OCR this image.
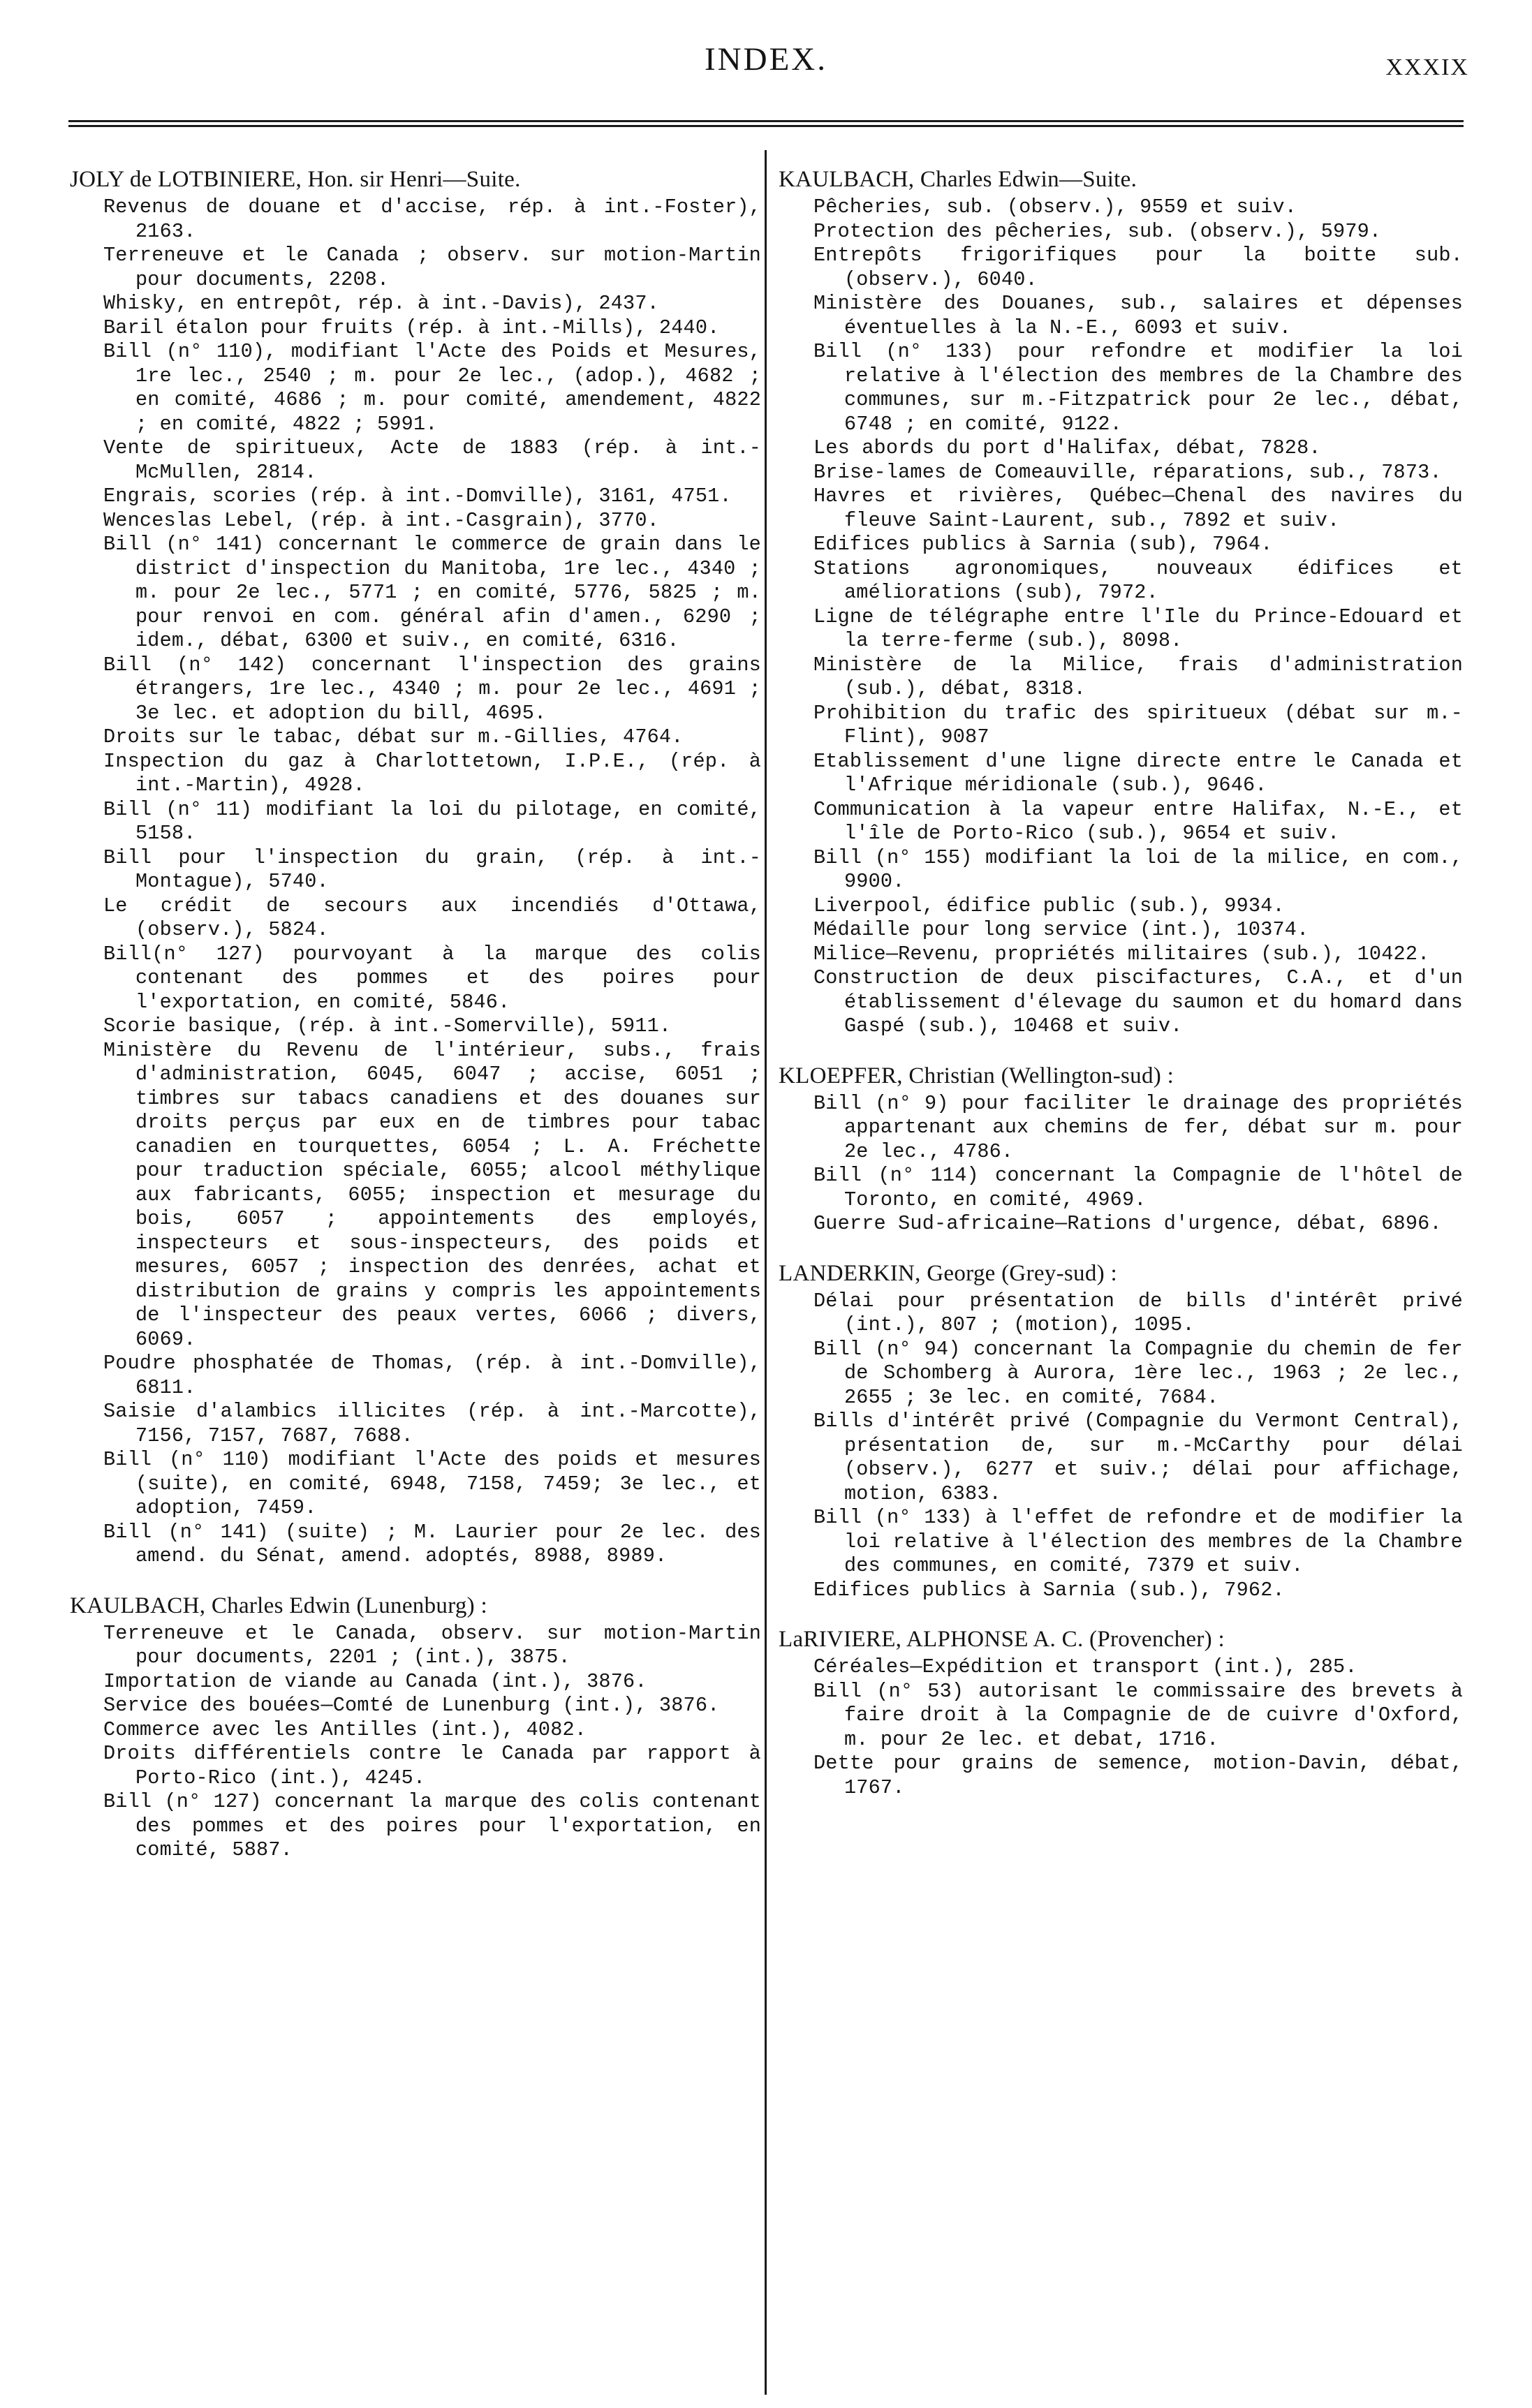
INDEX.	XXXIX
JOLY de LOTBINIERE, Hon. sir Henri—Suite.

Revenus de douane et d'accise, rép. à int.-Foster), 2163.

Terreneuve et le Canada ; observ. sur motion-Martin pour documents, 2208.

Whisky, en entrepôt, rép. à int.-Davis), 2437.

Baril étalon pour fruits (rép. à int.-Mills), 2440.

Bill (n° 110), modifiant l'Acte des Poids et Mesures, 1re lec., 2540 ; m. pour 2e lec., (adop.), 4682 ; en comité, 4686 ; m. pour comité, amendement, 4822 ; en comité, 4822 ; 5991.

Vente de spiritueux, Acte de 1883 (rép. à int.-McMullen, 2814.

Engrais, scories (rép. à int.-Domville), 3161, 4751.

Wenceslas Lebel, (rép. à int.-Casgrain), 3770.

Bill (n° 141) concernant le commerce de grain dans le district d'inspection du Manitoba, 1re lec., 4340 ; m. pour 2e lec., 5771 ; en comité, 5776, 5825 ; m. pour renvoi en com. général afin d'amen., 6290 ; idem., débat, 6300 et suiv., en comité, 6316.

Bill (n° 142) concernant l'inspection des grains étrangers, 1re lec., 4340 ; m. pour 2e lec., 4691 ; 3e lec. et adoption du bill, 4695.

Droits sur le tabac, débat sur m.-Gillies, 4764.

Inspection du gaz à Charlottetown, I.P.E., (rép. à int.-Martin), 4928.

Bill (n° 11) modifiant la loi du pilotage, en comité, 5158.

Bill pour l'inspection du grain, (rép. à int.-Montague), 5740.

Le crédit de secours aux incendiés d'Ottawa, (observ.), 5824.

Bill(n° 127) pourvoyant à la marque des colis contenant des pommes et des poires pour l'exportation, en comité, 5846.

Scorie basique, (rép. à int.-Somerville), 5911.

Ministère du Revenu de l'intérieur, subs., frais d'administration, 6045, 6047 ; accise, 6051 ; timbres sur tabacs canadiens et des douanes sur droits perçus par eux en de timbres pour tabac canadien en tourquettes, 6054 ; L. A. Fréchette pour traduction spéciale, 6055; alcool méthylique aux fabricants, 6055; inspection et mesurage du bois, 6057 ; appointements des employés, inspecteurs et sous-inspecteurs, des poids et mesures, 6057 ; inspection des denrées, achat et distribution de grains y compris les appointements de l'inspecteur des peaux vertes, 6066 ; divers, 6069.

Poudre phosphatée de Thomas, (rép. à int.-Domville), 6811.

Saisie d'alambics illicites (rép. à int.-Marcotte), 7156, 7157, 7687, 7688.

Bill (n° 110) modifiant l'Acte des poids et mesures (suite), en comité, 6948, 7158, 7459; 3e lec., et adoption, 7459.

Bill (n° 141) (suite) ; M. Laurier pour 2e lec. des amend. du Sénat, amend. adoptés, 8988, 8989.

KAULBACH, Charles Edwin (Lunenburg) :

Terreneuve et le Canada, observ. sur motion-Martin pour documents, 2201 ; (int.), 3875.

Importation de viande au Canada (int.), 3876.

Service des bouées—Comté de Lunenburg (int.), 3876.

Commerce avec les Antilles (int.), 4082.

Droits différentiels contre le Canada par rapport à Porto-Rico (int.), 4245.

Bill (n° 127) concernant la marque des colis contenant des pommes et des poires pour l'exportation, en comité, 5887.

KAULBACH, Charles Edwin—Suite.

Pêcheries, sub. (observ.), 9559 et suiv.

Protection des pêcheries, sub. (observ.), 5979.

Entrepôts frigorifiques pour la boitte sub. (observ.), 6040.

Ministère des Douanes, sub., salaires et dépenses éventuelles à la N.-E., 6093 et suiv.

Bill (n° 133) pour refondre et modifier la loi relative à l'élection des membres de la Chambre des communes, sur m.-Fitzpatrick pour 2e lec., débat, 6748 ; en comité, 9122.

Les abords du port d'Halifax, débat, 7828.

Brise-lames de Comeauville, réparations, sub., 7873.

Havres et rivières, Québec—Chenal des navires du fleuve Saint-Laurent, sub., 7892 et suiv.

Edifices publics à Sarnia (sub), 7964.

Stations agronomiques, nouveaux édifices et améliorations (sub), 7972.

Ligne de télégraphe entre l'Ile du Prince-Edouard et la terre-ferme (sub.), 8098.

Ministère de la Milice, frais d'administration (sub.), débat, 8318.

Prohibition du trafic des spiritueux (débat sur m.-Flint), 9087

Etablissement d'une ligne directe entre le Canada et l'Afrique méridionale (sub.), 9646.

Communication à la vapeur entre Halifax, N.-E., et l'île de Porto-Rico (sub.), 9654 et suiv.

Bill (n° 155) modifiant la loi de la milice, en com., 9900.

Liverpool, édifice public (sub.), 9934.

Médaille pour long service (int.), 10374.

Milice—Revenu, propriétés militaires (sub.), 10422.

Construction de deux piscifactures, C.A., et d'un établissement d'élevage du saumon et du homard dans Gaspé (sub.), 10468 et suiv.

KLOEPFER, Christian (Wellington-sud) :

Bill (n° 9) pour faciliter le drainage des propriétés appartenant aux chemins de fer, débat sur m. pour 2e lec., 4786.

Bill (n° 114) concernant la Compagnie de l'hôtel de Toronto, en comité, 4969.

Guerre Sud-africaine—Rations d'urgence, débat, 6896.

LANDERKIN, George (Grey-sud) :

Délai pour présentation de bills d'intérêt privé (int.), 807 ; (motion), 1095.

Bill (n° 94) concernant la Compagnie du chemin de fer de Schomberg à Aurora, 1ère lec., 1963 ; 2e lec., 2655 ; 3e lec. en comité, 7684.

Bills d'intérêt privé (Compagnie du Vermont Central), présentation de, sur m.-McCarthy pour délai (observ.), 6277 et suiv.; délai pour affichage, motion, 6383.

Bill (n° 133) à l'effet de refondre et de modifier la loi relative à l'élection des membres de la Chambre des communes, en comité, 7379 et suiv.

Edifices publics à Sarnia (sub.), 7962.

LaRIVIERE, ALPHONSE A. C. (Provencher) :

Céréales—Expédition et transport (int.), 285.

Bill (n° 53) autorisant le commissaire des brevets à faire droit à la Compagnie de de cuivre d'Oxford, m. pour 2e lec. et debat, 1716.

Dette pour grains de semence, motion-Davin, débat, 1767.
